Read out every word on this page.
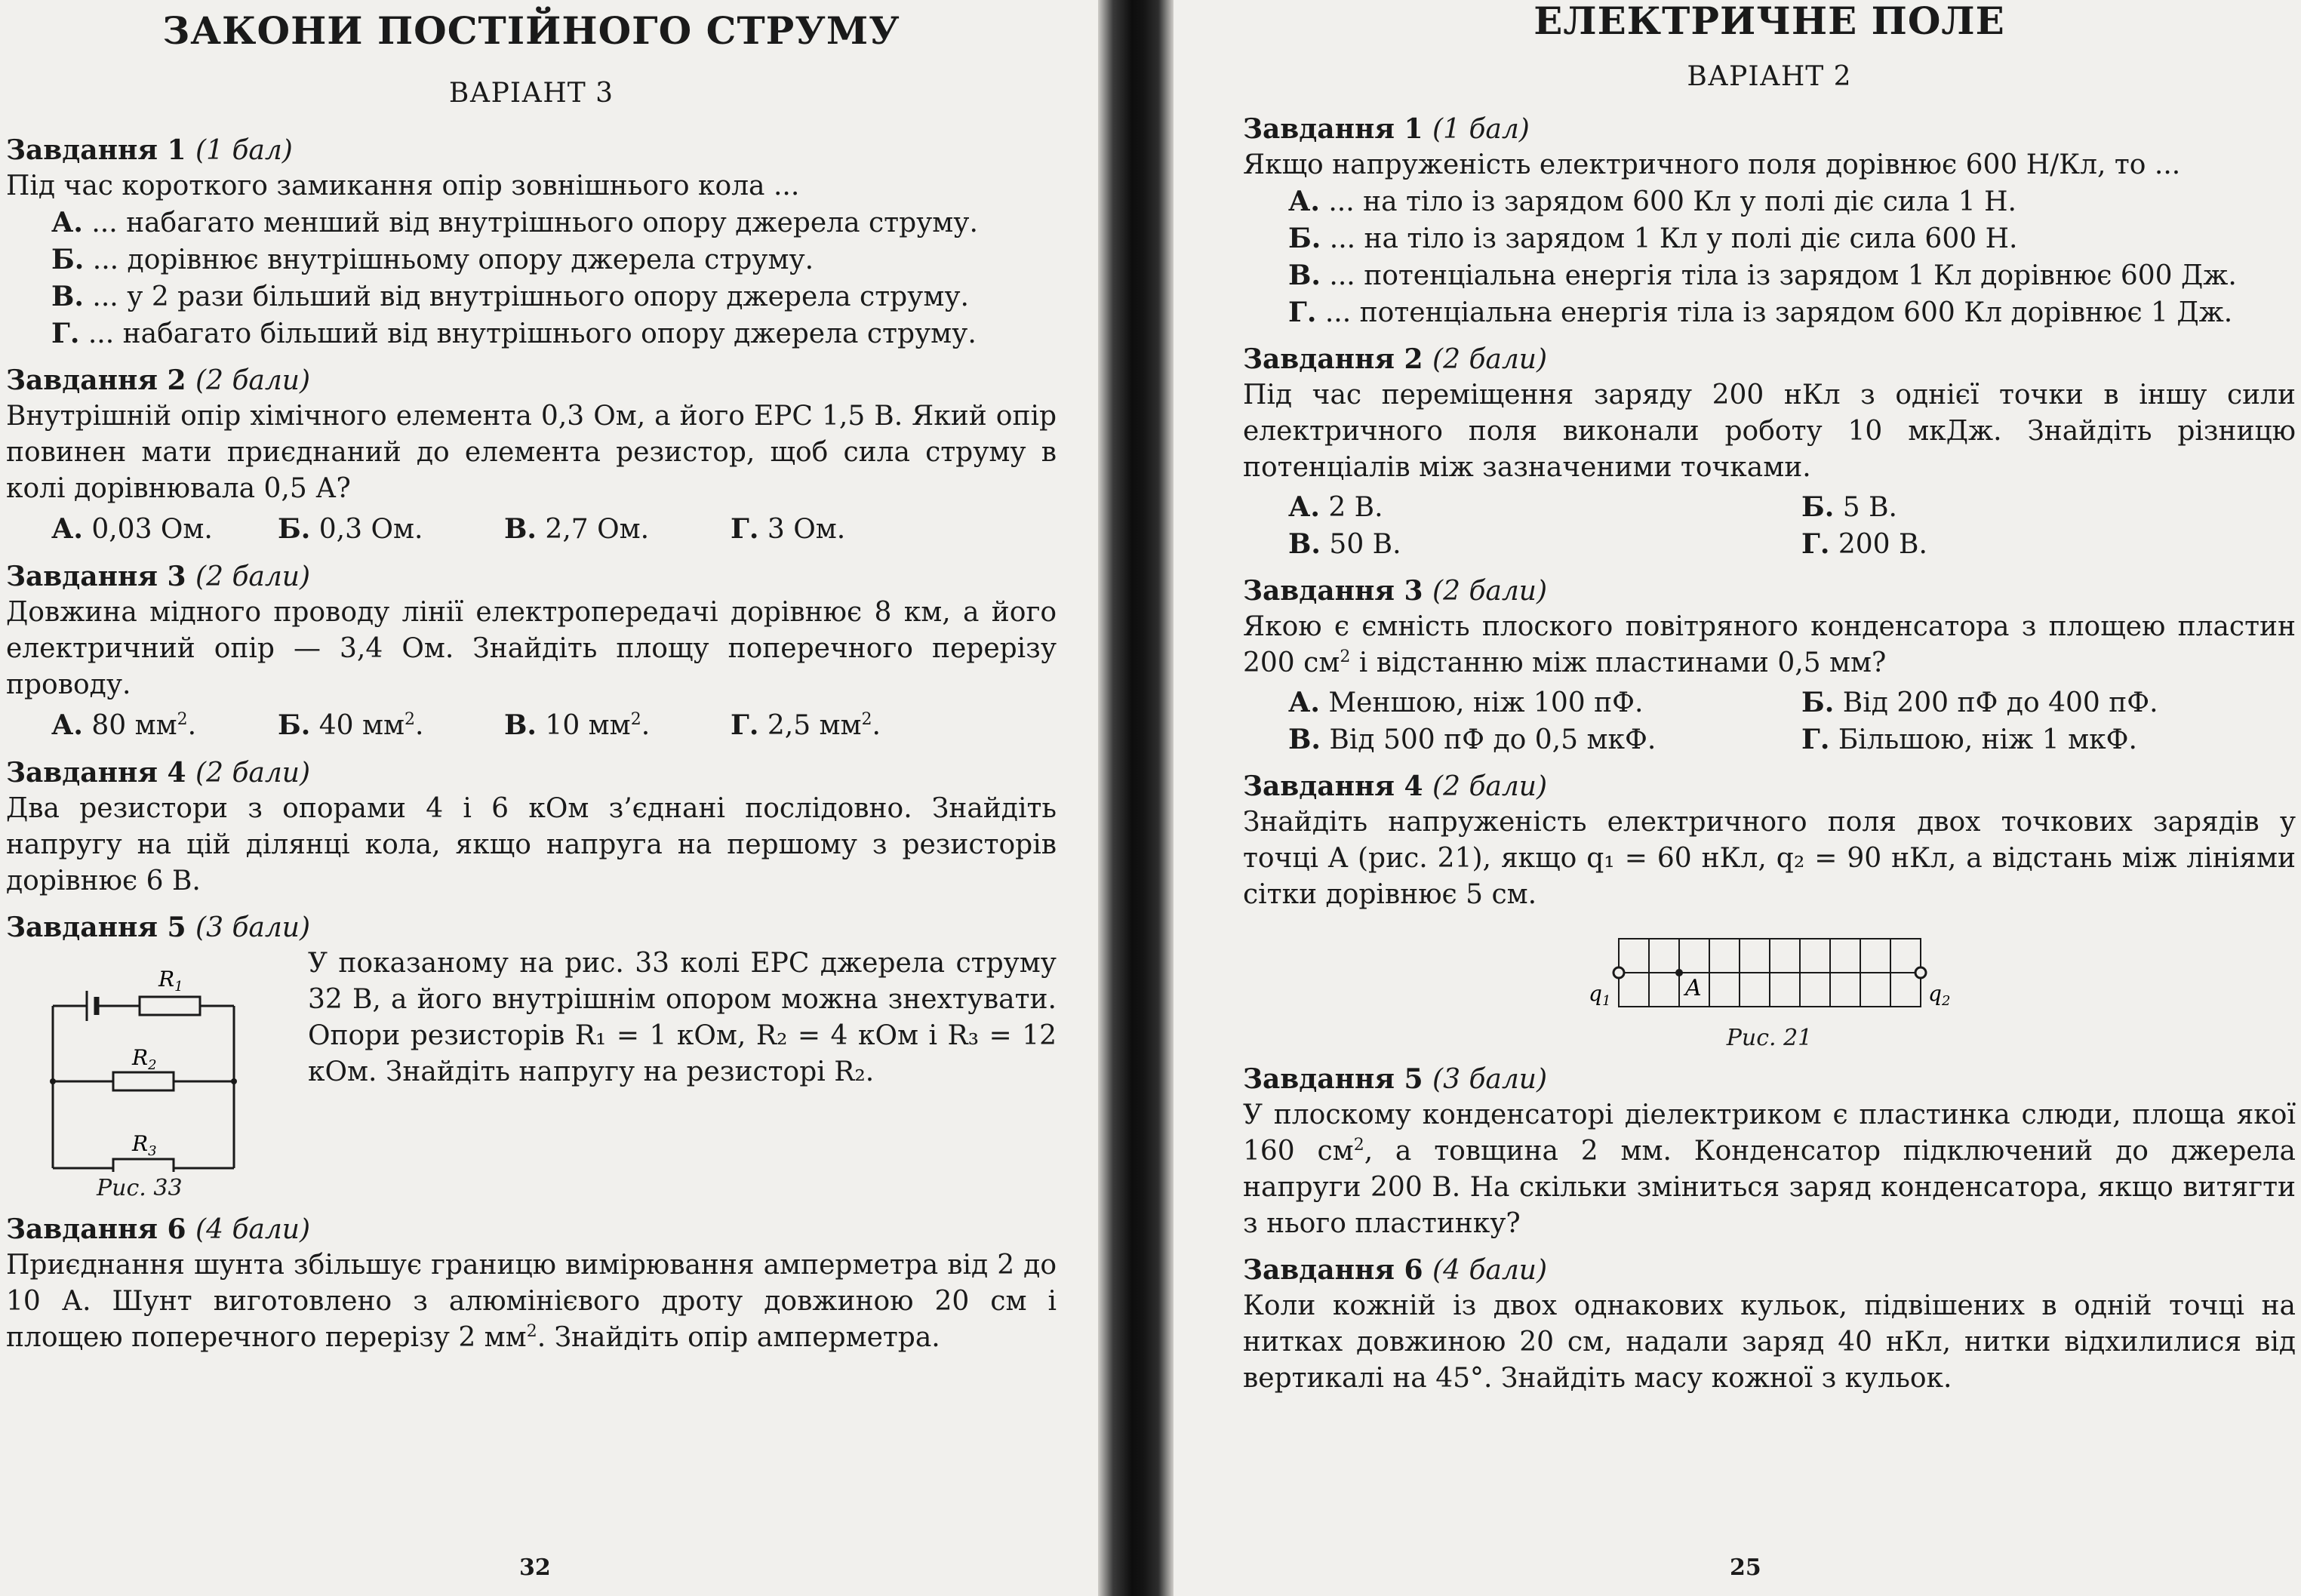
ЗАКОНИ ПОСТІЙНОГО СТРУМУ
ВАРІАНТ 3
Завдання 1 (1 бал)
Під час короткого замикання опір зовнішнього кола ...
А. ... набагато менший від внутрішнього опору джерела струму.
Б. ... дорівнює внутрішньому опору джерела струму.
В. ... у 2 рази більший від внутрішнього опору джерела струму.
Г. ... набагато більший від внутрішнього опору джерела струму.
Завдання 2 (2 бали)
Внутрішній опір хімічного елемента 0,3 Ом, а його ЕРС 1,5 В. Який опір повинен мати приєднаний до елемента резистор, щоб сила струму в колі дорівнювала 0,5 А?
А. 0,03 Ом.	Б. 0,3 Ом.	В. 2,7 Ом.	Г. 3 Ом.
Завдання 3 (2 бали)
Довжина мідного проводу лінії електропередачі дорівнює 8 км, а його електричний опір — 3,4 Ом. Знайдіть площу поперечного перерізу проводу.
А. 80 $мм^2$.	Б. 40 $мм^2$.	В. 10 $мм^2$.	Г. 2,5 $мм^2$.
Завдання 4 (2 бали)
Два резистори з опорами 4 і 6 кОм з’єднані послідовно. Знайдіть напругу на цій ділянці кола, якщо напруга на першому з резисторів дорівнює 6 В.
Завдання 5 (3 бали)
$R_1$
$R_2$
$R_3$
Рис. 33
У показаному на рис. 33 колі ЕРС джерела струму 32 В, а його внутрішнім опором можна знехтувати. Опори резисторів R₁ = 1 кОм, R₂ = 4 кОм і R₃ = 12 кОм. Знайдіть напругу на резисторі R₂.
Завдання 6 (4 бали)
Приєднання шунта збільшує границю вимірювання амперметра від 2 до 10 А. Шунт виготовлено з алюмінієвого дроту довжиною 20 см і площею поперечного перерізу 2 $мм^2$. Знайдіть опір амперметра.
32
ЕЛЕКТРИЧНЕ ПОЛЕ
ВАРІАНТ 2
Завдання 1 (1 бал)
Якщо напруженість електричного поля дорівнює 600 Н/Кл, то ...
А. ... на тіло із зарядом 600 Кл у полі діє сила 1 Н.
Б. ... на тіло із зарядом 1 Кл у полі діє сила 600 Н.
В. ... потенціальна енергія тіла із зарядом 1 Кл дорівнює 600 Дж.
Г. ... потенціальна енергія тіла із зарядом 600 Кл дорівнює 1 Дж.
Завдання 2 (2 бали)
Під час переміщення заряду 200 нКл з однієї точки в іншу сили електричного поля виконали роботу 10 мкДж. Знайдіть різницю потенціалів між зазначеними точками.
А. 2 В.	Б. 5 В.
В. 50 В.	Г. 200 В.
Завдання 3 (2 бали)
Якою є ємність плоского повітряного конденсатора з площею пластин 200 $см^2$ і відстанню між пластинами 0,5 мм?
А. Меншою, ніж 100 пФ.	Б. Від 200 пФ до 400 пФ.
В. Від 500 пФ до 0,5 мкФ.	Г. Більшою, ніж 1 мкФ.
Завдання 4 (2 бали)
Знайдіть напруженість електричного поля двох точкових зарядів у точці A (рис. 21), якщо q₁ = 60 нКл, q₂ = 90 нКл, а відстань між лініями сітки дорівнює 5 см.
A
$q_1$	$q_2$
Рис. 21
Завдання 5 (3 бали)
У плоскому конденсаторі діелектриком є пластинка слюди, площа якої 160 $см^2$, а товщина 2 мм. Конденсатор підключений до джерела напруги 200 В. На скільки зміниться заряд конденсатора, якщо витягти з нього пластинку?
Завдання 6 (4 бали)
Коли кожній із двох однакових кульок, підвішених в одній точці на нитках довжиною 20 см, надали заряд 40 нКл, нитки відхилилися від вертикалі на 45°. Знайдіть масу кожної з кульок.
25
